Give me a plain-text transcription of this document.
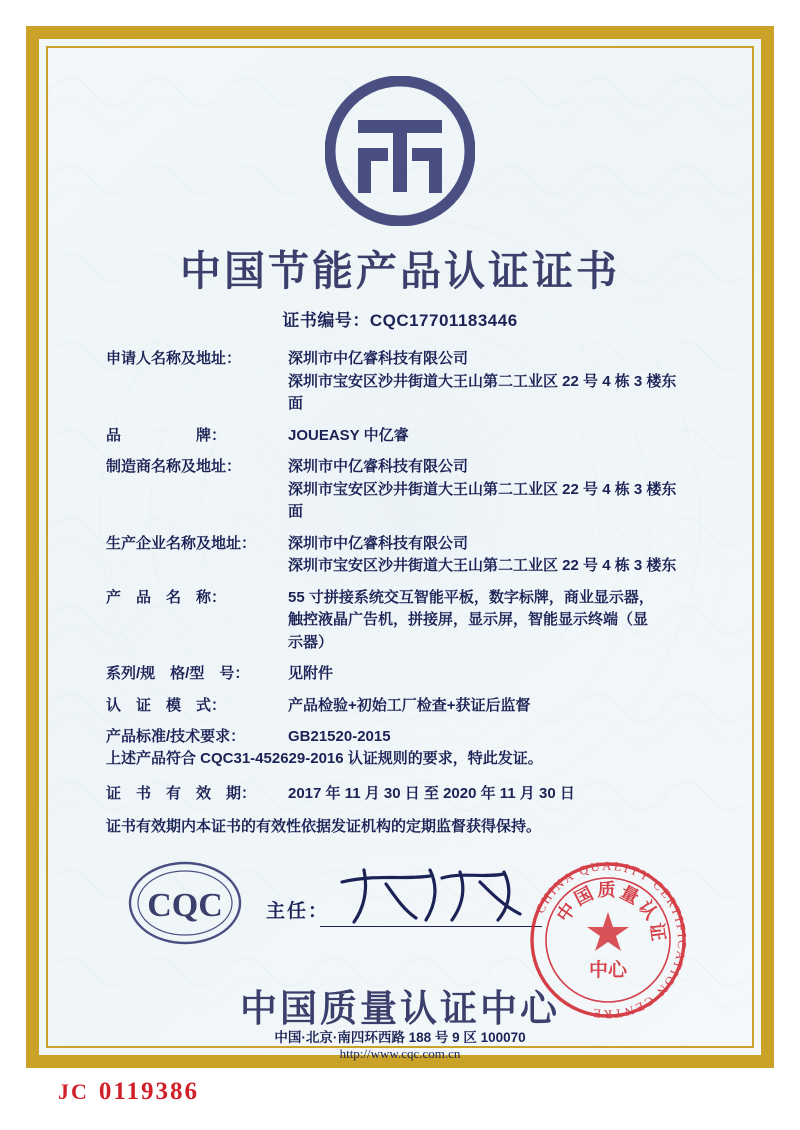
中国节能产品认证证书
证书编号：CQC17701183446
申请人名称及地址：	深圳市中亿睿科技有限公司
深圳市宝安区沙井街道大王山第二工业区 22 号 4 栋 3 楼东
面
品　　　　　牌：	JOUEASY 中亿睿
制造商名称及地址：	深圳市中亿睿科技有限公司
深圳市宝安区沙井街道大王山第二工业区 22 号 4 栋 3 楼东
面
生产企业名称及地址：	深圳市中亿睿科技有限公司
深圳市宝安区沙井街道大王山第二工业区 22 号 4 栋 3 楼东
产　品　名　称：	55 寸拼接系统交互智能平板，数字标牌，商业显示器，
触控液晶广告机，拼接屏，显示屏，智能显示终端（显
示器）
系列/规　格/型　号：	见附件
认　证　模　式：	产品检验+初始工厂检查+获证后监督
产品标准/技术要求：	GB21520-2015
上述产品符合 CQC31-452629-2016 认证规则的要求，特此发证。
证　书　有　效　期：	2017 年 11 月 30 日 至 2020 年 11 月 30 日
证书有效期内本证书的有效性依据发证机构的定期监督获得保持。
CQC 主任：	CHINA QUALITY CERTIFICATION CENTRE
中国质量认证
中心
中国质量认证中心
中国·北京·南四环西路 188 号 9 区 100070
http://www.cqc.com.cn
JC 0119386
